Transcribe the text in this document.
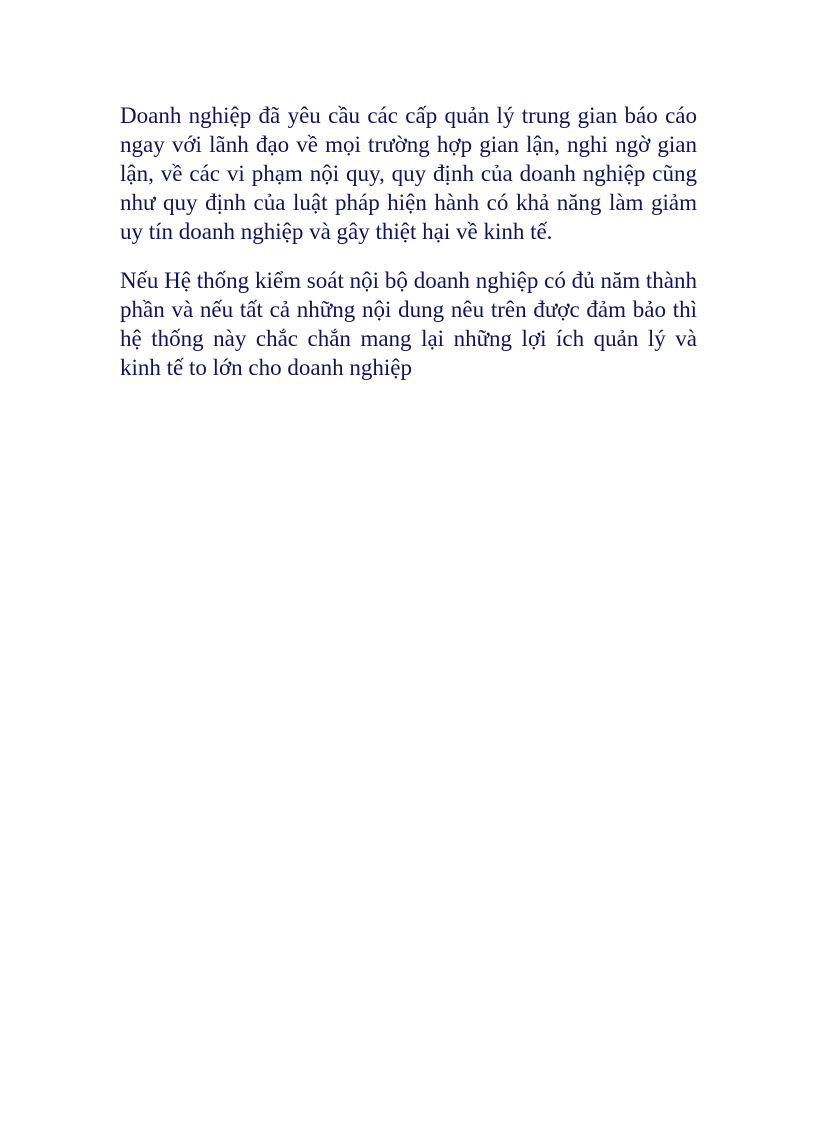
Doanh nghiệp đã yêu cầu các cấp quản lý trung gian báo cáo ngay với lãnh đạo về mọi trường hợp gian lận, nghi ngờ gian lận, về các vi phạm nội quy, quy định của doanh nghiệp cũng như quy định của luật pháp hiện hành có khả năng làm giảm uy tín doanh nghiệp và gây thiệt hại về kinh tế.

Nếu Hệ thống kiểm soát nội bộ doanh nghiệp có đủ năm thành phần và nếu tất cả những nội dung nêu trên được đảm bảo thì hệ thống này chắc chắn mang lại những lợi ích quản lý và kinh tế to lớn cho doanh nghiệp
